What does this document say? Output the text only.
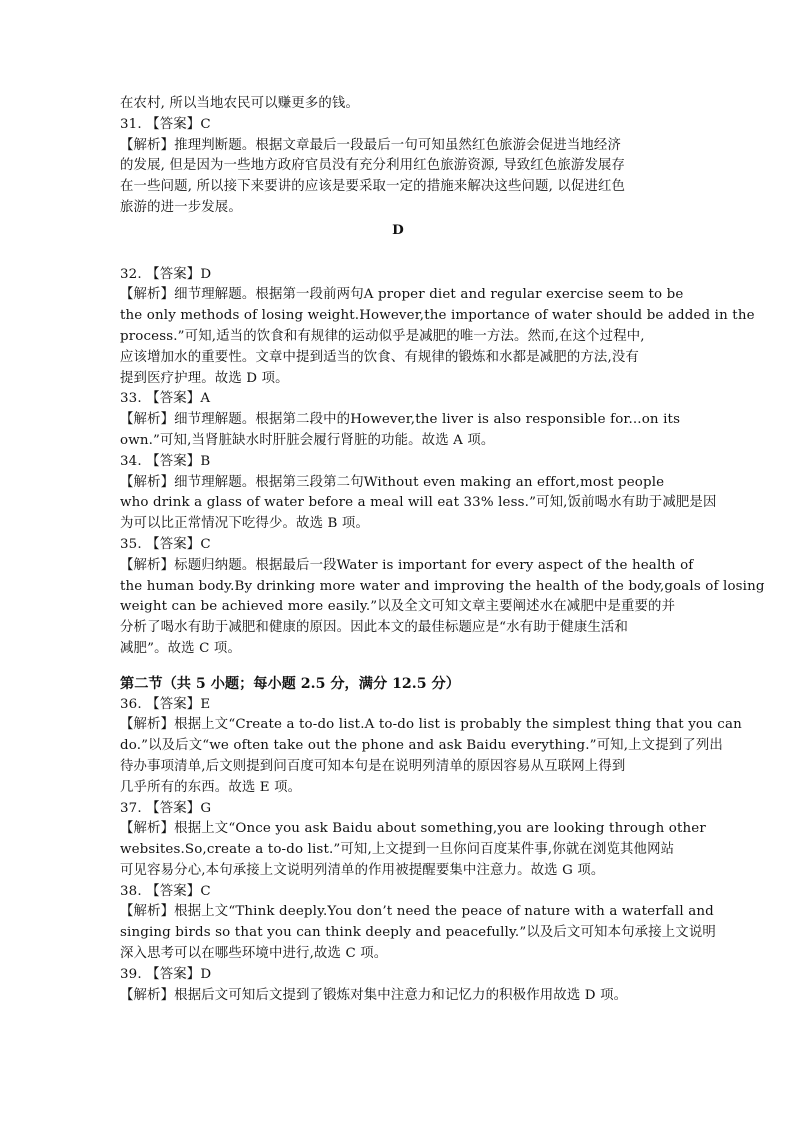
在农村, 所以当地农民可以赚更多的钱。
31. 【答案】C
【解析】推理判断题。根据文章最后一段最后一句可知虽然红色旅游会促进当地经济
的发展, 但是因为一些地方政府官员没有充分利用红色旅游资源, 导致红色旅游发展存
在一些问题, 所以接下来要讲的应该是要采取一定的措施来解决这些问题, 以促进红色
旅游的进一步发展。
D
32. 【答案】D
【解析】细节理解题。根据第一段前两句A proper diet and regular exercise seem to be
the only methods of losing weight.However,the importance of water should be added in the
process.”可知,适当的饮食和有规律的运动似乎是减肥的唯一方法。然而,在这个过程中,
应该增加水的重要性。文章中提到适当的饮食、有规律的锻炼和水都是减肥的方法,没有
提到医疗护理。故选 D 项。
33. 【答案】A
【解析】细节理解题。根据第二段中的However,the liver is also responsible for...on its
own.”可知,当肾脏缺水时肝脏会履行肾脏的功能。故选 A 项。
34. 【答案】B
【解析】细节理解题。根据第三段第二句Without even making an effort,most people
who drink a glass of water before a meal will eat 33% less.”可知,饭前喝水有助于减肥是因
为可以比正常情况下吃得少。故选 B 项。
35. 【答案】C
【解析】标题归纳题。根据最后一段Water is important for every aspect of the health of
the human body.By drinking more water and improving the health of the body,goals of losing
weight can be achieved more easily.”以及全文可知文章主要阐述水在减肥中是重要的并
分析了喝水有助于减肥和健康的原因。因此本文的最佳标题应是“水有助于健康生活和
减肥”。故选 C 项。
第二节（共 5 小题；每小题 2.5 分，满分 12.5 分）
36. 【答案】E
【解析】根据上文“Create a to-do list.A to-do list is probably the simplest thing that you can
do.”以及后文“we often take out the phone and ask Baidu everything.”可知,上文提到了列出
待办事项清单,后文则提到问百度可知本句是在说明列清单的原因容易从互联网上得到
几乎所有的东西。故选 E 项。
37. 【答案】G
【解析】根据上文“Once you ask Baidu about something,you are looking through other
websites.So,create a to-do list.”可知,上文提到一旦你问百度某件事,你就在浏览其他网站
可见容易分心,本句承接上文说明列清单的作用被提醒要集中注意力。故选 G 项。
38. 【答案】C
【解析】根据上文“Think deeply.You don’t need the peace of nature with a waterfall and
singing birds so that you can think deeply and peacefully.”以及后文可知本句承接上文说明
深入思考可以在哪些环境中进行,故选 C 项。
39. 【答案】D
【解析】根据后文可知后文提到了锻炼对集中注意力和记忆力的积极作用故选 D 项。
